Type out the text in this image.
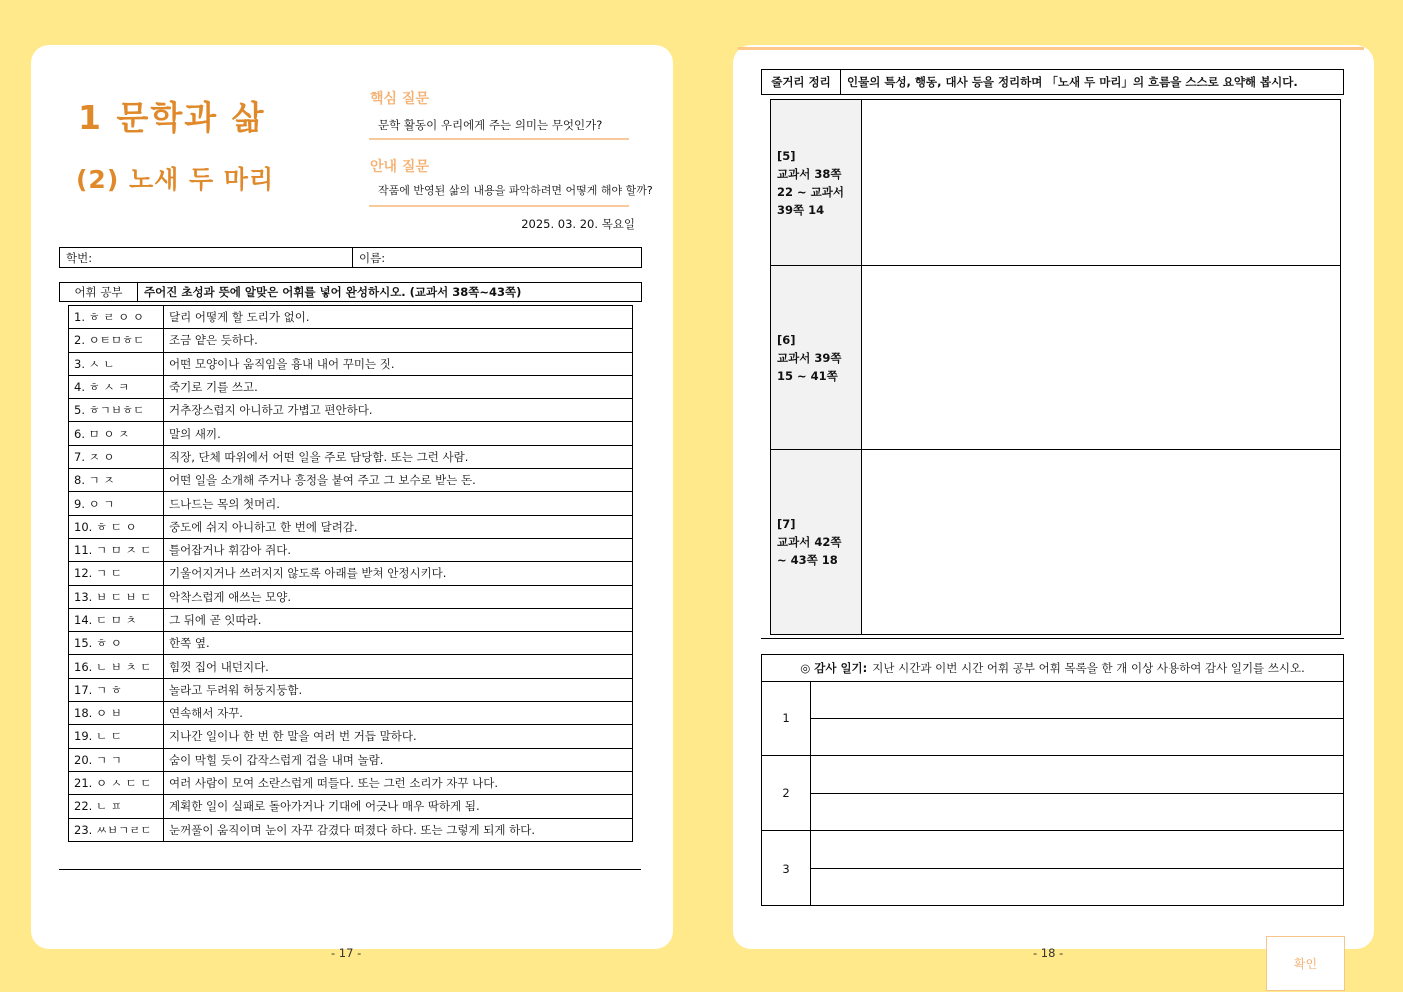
1 문학과 삶
(2) 노새 두 마리
핵심 질문
문학 활동이 우리에게 주는 의미는 무엇인가?
안내 질문
작품에 반영된 삶의 내용을 파악하려면 어떻게 해야 할까?
2025. 03. 20. 목요일
학번:	이름:
어휘 공부	주어진 초성과 뜻에 알맞은 어휘를 넣어 완성하시오. (교과서 38쪽~43쪽)
1. ㅎ ㄹ ㅇ ㅇ	달리 어떻게 할 도리가 없이.
2. ㅇㅌㅁㅎㄷ	조금 얕은 듯하다.
3. ㅅ ㄴ	어떤 모양이나 움직임을 흉내 내어 꾸미는 짓.
4. ㅎ ㅅ ㅋ	죽기로 기를 쓰고.
5. ㅎㄱㅂㅎㄷ	거추장스럽지 아니하고 가볍고 편안하다.
6. ㅁ ㅇ ㅈ	말의 새끼.
7. ㅈ ㅇ	직장, 단체 따위에서 어떤 일을 주로 담당함. 또는 그런 사람.
8. ㄱ ㅈ	어떤 일을 소개해 주거나 흥정을 붙여 주고 그 보수로 받는 돈.
9. ㅇ ㄱ	드나드는 목의 첫머리.
10. ㅎ ㄷ ㅇ	중도에 쉬지 아니하고 한 번에 달려감.
11. ㄱ ㅁ ㅈ ㄷ	틀어잡거나 휘감아 쥐다.
12. ㄱ ㄷ	기울어지거나 쓰러지지 않도록 아래를 받쳐 안정시키다.
13. ㅂ ㄷ ㅂ ㄷ	악착스럽게 애쓰는 모양.
14. ㄷ ㅁ ㅊ	그 뒤에 곧 잇따라.
15. ㅎ ㅇ	한쪽 옆.
16. ㄴ ㅂ ㅊ ㄷ	힘껏 집어 내던지다.
17. ㄱ ㅎ	놀라고 두려워 허둥지둥함.
18. ㅇ ㅂ	연속해서 자꾸.
19. ㄴ ㄷ	지나간 일이나 한 번 한 말을 여러 번 거듭 말하다.
20. ㄱ ㄱ	숨이 막힐 듯이 갑작스럽게 겁을 내며 놀람.
21. ㅇ ㅅ ㄷ ㄷ	여러 사람이 모여 소란스럽게 떠들다. 또는 그런 소리가 자꾸 나다.
22. ㄴ ㅍ	계획한 일이 실패로 돌아가거나 기대에 어긋나 매우 딱하게 됨.
23. ㅆㅂㄱㄹㄷ	눈꺼풀이 움직이며 눈이 자꾸 감겼다 떠졌다 하다. 또는 그렇게 되게 하다.
- 17 -
줄거리 정리	인물의 특성, 행동, 대사 등을 정리하며 「노새 두 마리」의 흐름을 스스로 요약해 봅시다.
[5]
교과서 38쪽 22 ~ 교과서 39쪽 14
[6]
교과서 39쪽 15 ~ 41쪽
[7]
교과서 42쪽 ~ 43쪽 18
◎ 감사 일기: 지난 시간과 이번 시간 어휘 공부 어휘 목록을 한 개 이상 사용하여 감사 일기를 쓰시오.
1
2
3
- 18 -
확인
